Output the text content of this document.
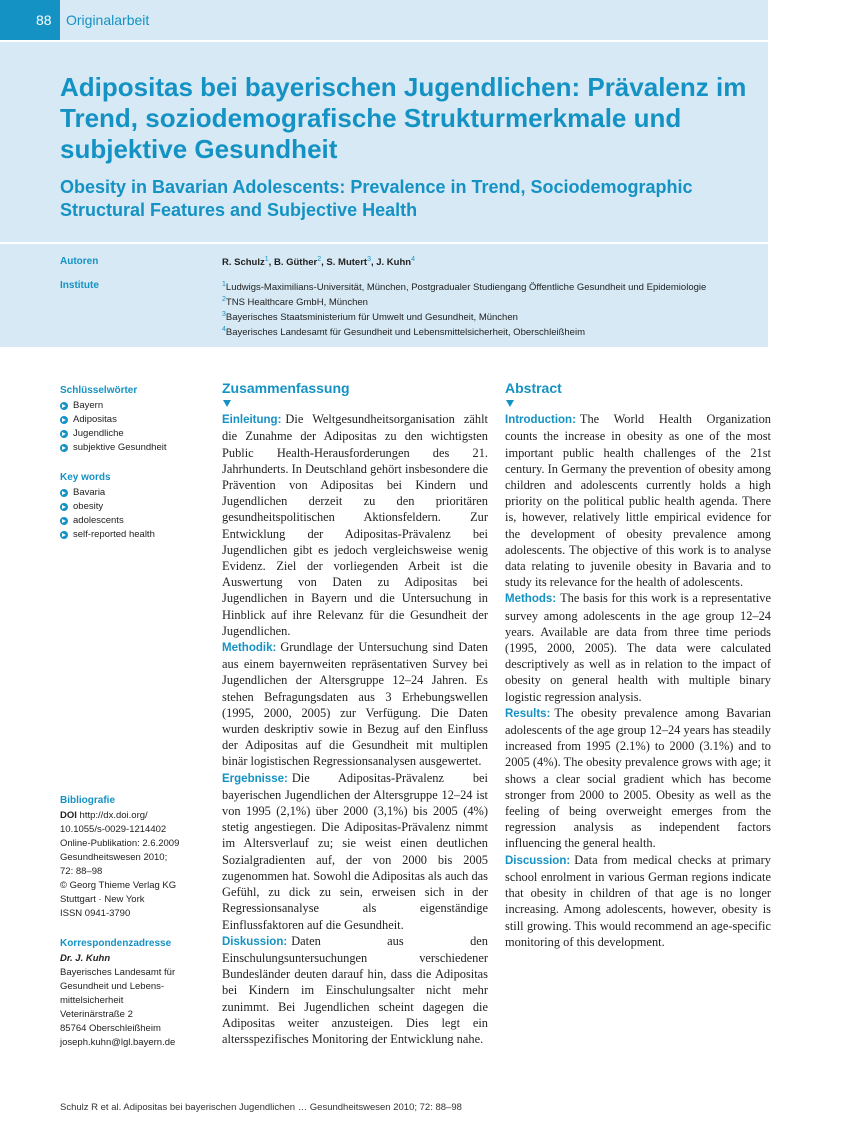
88	Originalarbeit
Adipositas bei bayerischen Jugendlichen: Prävalenz im Trend, soziodemografische Strukturmerkmale und subjektive Gesundheit
Obesity in Bavarian Adolescents: Prevalence in Trend, Sociodemographic Structural Features and Subjective Health
Autoren
Institute
R. Schulz$^1$, B. Güther$^2$, S. Mutert$^3$, J. Kuhn$^4$
$^1$Ludwigs-Maximilians-Universität, München, Postgradualer Studiengang Öffentliche Gesundheit und Epidemiologie
$^2$TNS Healthcare GmbH, München
$^3$Bayerisches Staatsministerium für Umwelt und Gesundheit, München
$^4$Bayerisches Landesamt für Gesundheit und Lebensmittelsicherheit, Oberschleißheim
Schlüsselwörter
Bayern
Adipositas
Jugendliche
subjektive Gesundheit
Key words
Bavaria
obesity
adolescents
self-reported health
Bibliografie
DOI http://dx.doi.org/
10.1055/s-0029-1214402
Online-Publikation: 2.6.2009
Gesundheitswesen 2010;
72: 88–98
© Georg Thieme Verlag KG
Stuttgart · New York
ISSN 0941-3790
Korrespondenzadresse
Dr. J. Kuhn
Bayerisches Landesamt für
Gesundheit und Lebens-
mittelsicherheit
Veterinärstraße 2
85764 Oberschleißheim
joseph.kuhn@lgl.bayern.de
Zusammenfassung

Einleitung: Die Weltgesundheitsorganisation zählt die Zunahme der Adipositas zu den wichtigsten Public Health-Herausforderungen des 21. Jahrhunderts. In Deutschland gehört insbesondere die Prävention von Adipositas bei Kindern und Jugendlichen derzeit zu den prioritären gesundheitspolitischen Aktionsfeldern. Zur Entwicklung der Adipositas-Prävalenz bei Jugendlichen gibt es jedoch vergleichsweise wenig Evidenz. Ziel der vorliegenden Arbeit ist die Auswertung von Daten zu Adipositas bei Jugendlichen in Bayern und die Untersuchung in Hinblick auf ihre Relevanz für die Gesundheit der Jugendlichen.

Methodik: Grundlage der Untersuchung sind Daten aus einem bayernweiten repräsentativen Survey bei Jugendlichen der Altersgruppe 12–24 Jahren. Es stehen Befragungsdaten aus 3 Erhebungswellen (1995, 2000, 2005) zur Verfügung. Die Daten wurden deskriptiv sowie in Bezug auf den Einfluss der Adipositas auf die Gesundheit mit multiplen binär logistischen Regressionsanalysen ausgewertet.

Ergebnisse: Die Adipositas-Prävalenz bei bayerischen Jugendlichen der Altersgruppe 12–24 ist von 1995 (2,1%) über 2000 (3,1%) bis 2005 (4%) stetig angestiegen. Die Adipositas-Prävalenz nimmt im Altersverlauf zu; sie weist einen deutlichen Sozialgradienten auf, der von 2000 bis 2005 zugenommen hat. Sowohl die Adipositas als auch das Gefühl, zu dick zu sein, erweisen sich in der Regressionsanalyse als eigenständige Einflussfaktoren auf die Gesundheit.

Diskussion: Daten aus den Einschulungsuntersuchungen verschiedener Bundesländer deuten darauf hin, dass die Adipositas bei Kindern im Einschulungsalter nicht mehr zunimmt. Bei Jugendlichen scheint dagegen die Adipositas weiter anzusteigen. Dies legt ein altersspezifisches Monitoring der Entwicklung nahe.

Abstract

Introduction: The World Health Organization counts the increase in obesity as one of the most important public health challenges of the 21st century. In Germany the prevention of obesity among children and adolescents currently holds a high priority on the political public health agenda. There is, however, relatively little empirical evidence for the development of obesity prevalence among adolescents. The objective of this work is to analyse data relating to juvenile obesity in Bavaria and to study its relevance for the health of adolescents.

Methods: The basis for this work is a representative survey among adolescents in the age group 12–24 years. Available are data from three time periods (1995, 2000, 2005). The data were calculated descriptively as well as in relation to the impact of obesity on general health with multiple binary logistic regression analysis.

Results: The obesity prevalence among Bavarian adolescents of the age group 12–24 years has steadily increased from 1995 (2.1%) to 2000 (3.1%) and to 2005 (4%). The obesity prevalence grows with age; it shows a clear social gradient which has become stronger from 2000 to 2005. Obesity as well as the feeling of being overweight emerges from the regression analysis as independent factors influencing the general health.

Discussion: Data from medical checks at primary school enrolment in various German regions indicate that obesity in children of that age is no longer increasing. Among adolescents, however, obesity is still growing. This would recommend an age-specific monitoring of this development.

Schulz R et al. Adipositas bei bayerischen Jugendlichen … Gesundheitswesen 2010; 72: 88–98
